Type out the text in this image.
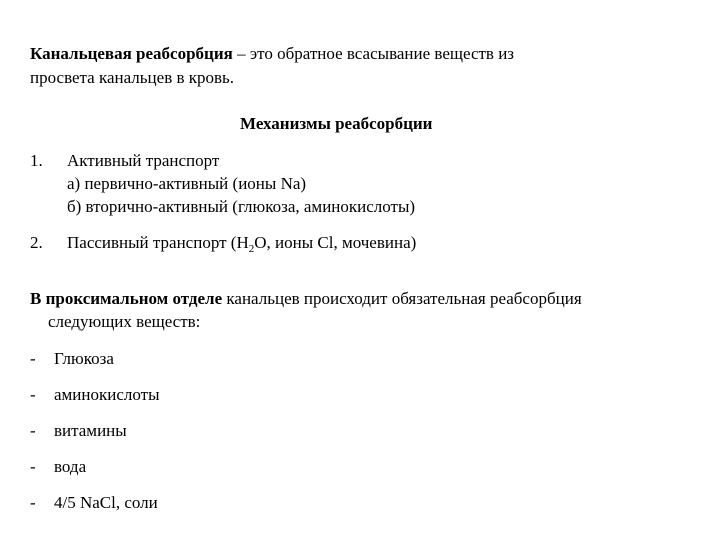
Канальцевая реабсорбция – это обратное всасывание веществ из
просвета канальцев в кровь.
Механизмы реабсорбции
1. Активный транспорт
а) первично-активный (ионы Na)
б) вторично-активный (глюкоза, аминокислоты)
2. Пассивный транспорт ($H_2O$, ионы Cl, мочевина)
В проксимальном отделе канальцев происходит обязательная реабсорбция
следующих веществ:
- Глюкоза
- аминокислоты
- витамины
- вода
- 4/5 NaCl, соли
